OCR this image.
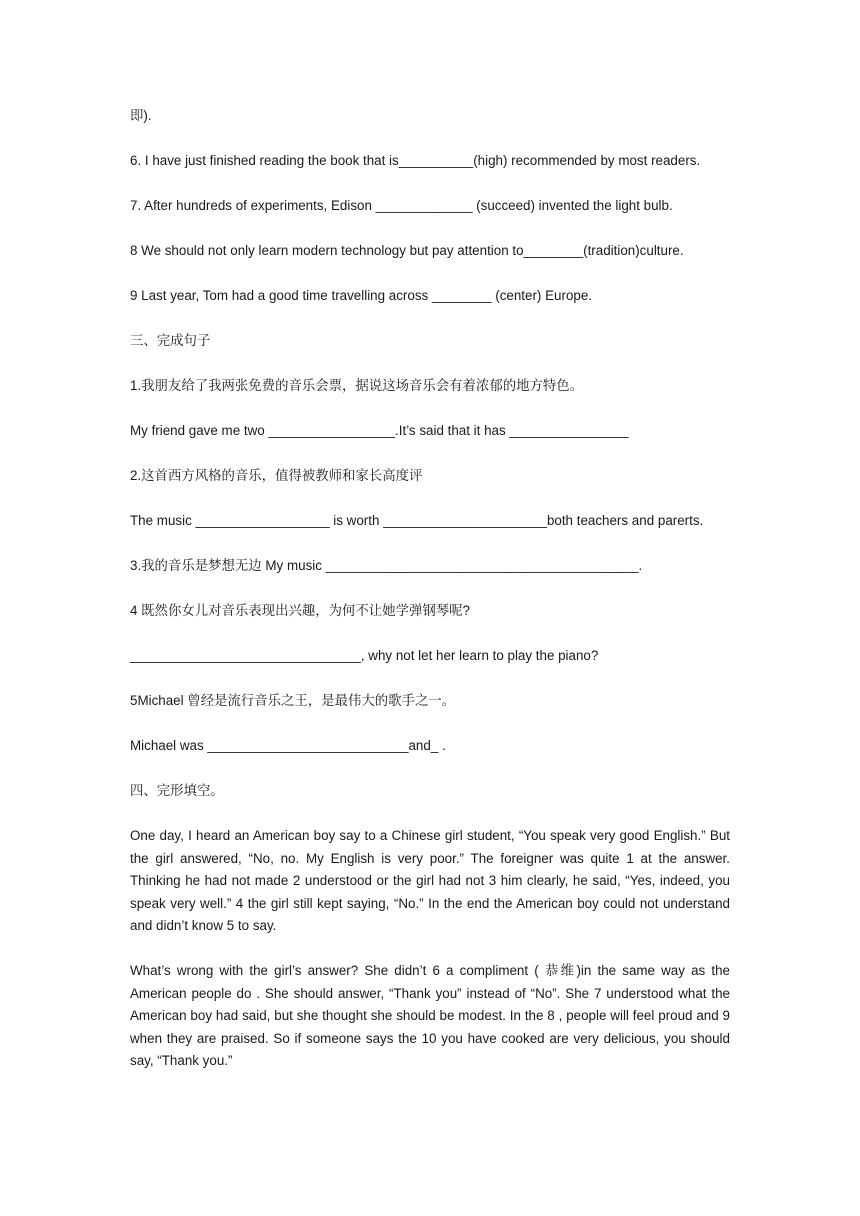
即).
6. I have just finished reading the book that is__________(high) recommended by most readers.
7. After hundreds of experiments, Edison _____________ (succeed) invented the light bulb.
8 We should not only learn modern technology but pay attention to________(tradition)culture.
9 Last year, Tom had a good time travelling across ________ (center) Europe.
三、完成句子
1.我朋友给了我两张免费的音乐会票，据说这场音乐会有着浓郁的地方特色。
My friend gave me two _________________.It’s said that it has ________________
2.这首西方风格的音乐，值得被教师和家长高度评
The music __________________ is worth ______________________both teachers and parerts.
3.我的音乐是梦想无边 My music __________________________________________.
4 既然你女儿对音乐表现出兴趣，为何不让她学弹钢琴呢?
_______________________________, why not let her learn to play the piano?
5Michael 曾经是流行音乐之王，是最伟大的歌手之一。
Michael was ___________________________and_ .
四、完形填空。
One day, I heard an American boy say to a Chinese girl student, “You speak very good English.” But the girl answered, “No, no. My English is very poor.” The foreigner was quite 1 at the answer. Thinking he had not made 2 understood or the girl had not 3 him clearly, he said, “Yes, indeed, you speak very well.” 4 the girl still kept saying, “No.” In the end the American boy could not understand and didn’t know 5 to say.
What’s wrong with the girl’s answer? She didn’t 6 a compliment ( 恭维)in the same way as the American people do . She should answer, “Thank you” instead of “No”. She 7 understood what the American boy had said, but she thought she should be modest. In the 8 , people will feel proud and 9 when they are praised. So if someone says the 10 you have cooked are very delicious, you should say, “Thank you.”
